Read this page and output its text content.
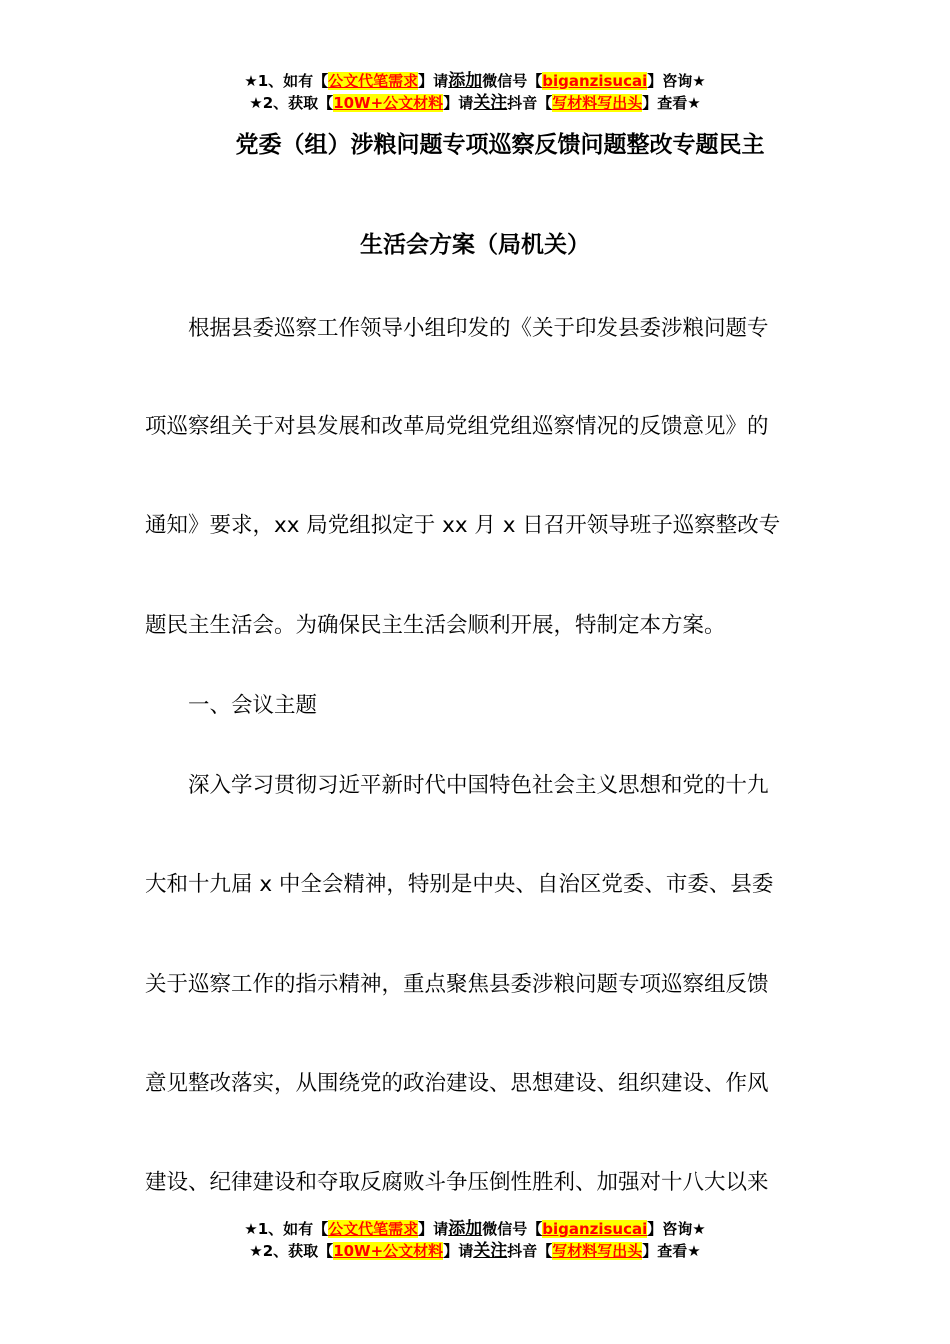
★1、如有【公文代笔需求】请添加微信号【biganzisucai】咨询★
★2、获取【10W+公文材料】请关注抖音【写材料写出头】查看★
党委（组）涉粮问题专项巡察反馈问题整改专题民主
生活会方案（局机关）
根据县委巡察工作领导小组印发的《关于印发县委涉粮问题专
项巡察组关于对县发展和改革局党组党组巡察情况的反馈意见》的
通知》要求，xx 局党组拟定于 xx 月 x 日召开领导班子巡察整改专
题民主生活会。为确保民主生活会顺利开展，特制定本方案。
一、会议主题
深入学习贯彻习近平新时代中国特色社会主义思想和党的十九
大和十九届 x 中全会精神，特别是中央、自治区党委、市委、县委
关于巡察工作的指示精神，重点聚焦县委涉粮问题专项巡察组反馈
意见整改落实，从围绕党的政治建设、思想建设、组织建设、作风
建设、纪律建设和夺取反腐败斗争压倒性胜利、加强对十八大以来
★1、如有【公文代笔需求】请添加微信号【biganzisucai】咨询★
★2、获取【10W+公文材料】请关注抖音【写材料写出头】查看★
